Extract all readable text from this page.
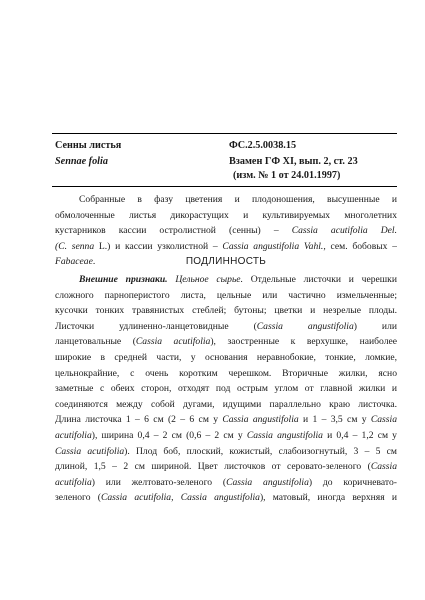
Сенны листья
Sennae folia
ФС.2.5.0038.15
Взамен ГФ XI, вып. 2, ст. 23
(изм. № 1 от 24.01.1997)
Собранные в фазу цветения и плодоношения, высушенные и
обмолоченные листья дикорастущих и культивируемых многолетних
кустарников кассии остролистной (сенны) – Cassia acutifolia Del.
(C. senna L.) и кассии узколистной – Cassia angustifolia Vahl., сем. бобовых –
Fabaceae.	ПОДЛИННОСТЬ
Внешние признаки. Цельное сырье. Отдельные листочки и черешки
сложного парноперистого листа, цельные или частично измельченные;
кусочки тонких травянистых стеблей; бутоны; цветки и незрелые плоды.
Листочки удлиненно-ланцетовидные (Cassia angustifolia) или
ланцетовальные (Cassia acutifolia), заостренные к верхушке, наиболее
широкие в средней части, у основания неравнобокие, тонкие, ломкие,
цельнокрайние, с очень коротким черешком. Вторичные жилки, ясно
заметные с обеих сторон, отходят под острым углом от главной жилки и
соединяются между собой дугами, идущими параллельно краю листочка.
Длина листочка 1 – 6 см (2 – 6 см у Cassia angustifolia и 1 – 3,5 см у Cassia
acutifolia), ширина 0,4 – 2 см (0,6 – 2 см у Cassia angustifolia и 0,4 – 1,2 см у
Cassia acutifolia). Плод боб, плоский, кожистый, слабоизогнутый, 3 – 5 см
длиной, 1,5 – 2 см шириной. Цвет листочков от серовато-зеленого (Cassia
acutifolia) или желтовато-зеленого (Cassia angustifolia) до коричневато-
зеленого (Cassia acutifolia, Cassia angustifolia), матовый, иногда верхняя и
